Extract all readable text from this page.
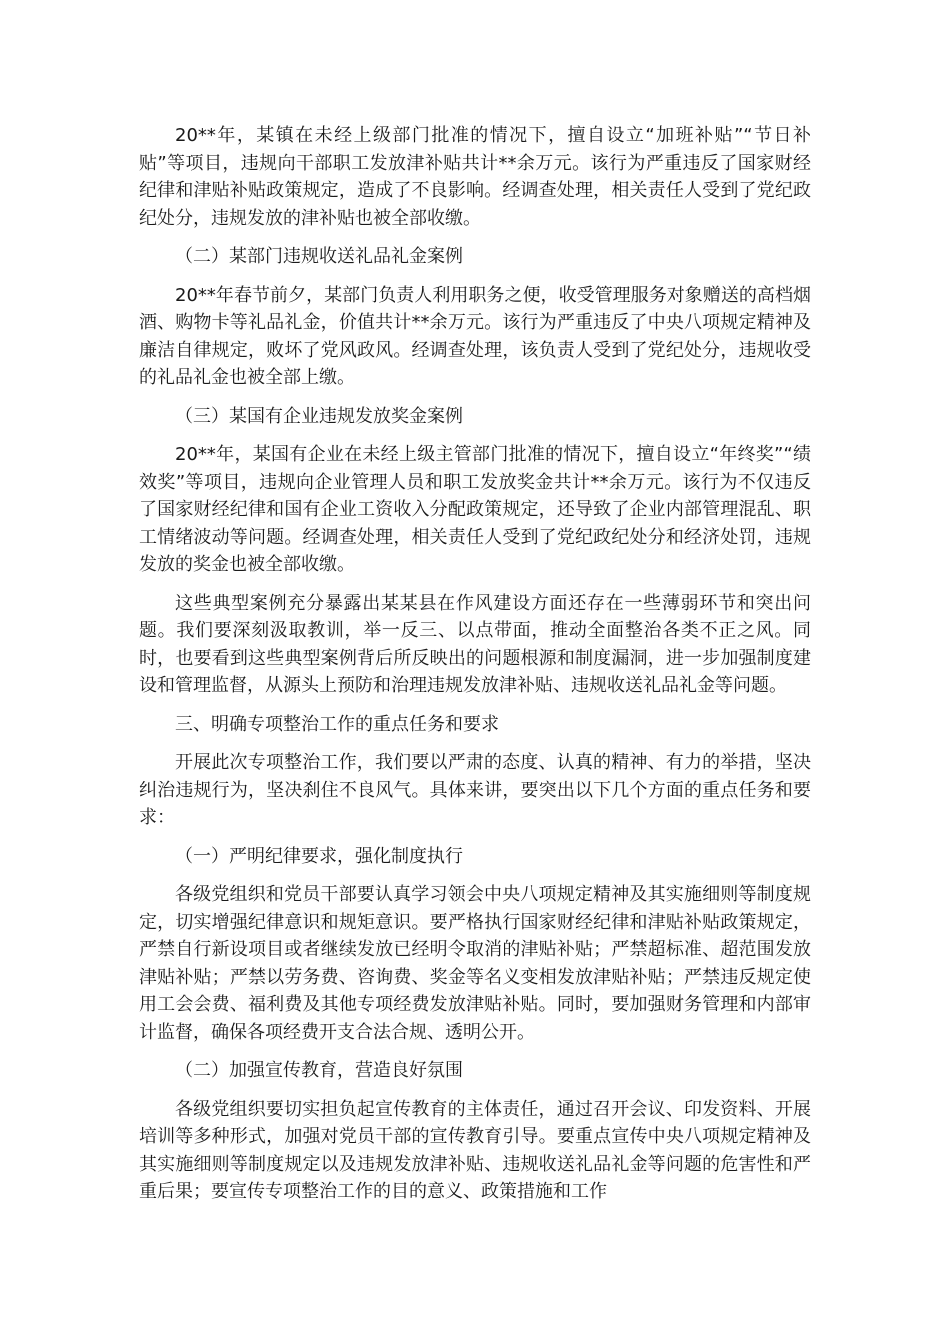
20**年，某镇在未经上级部门批准的情况下，擅自设立“加班补贴”“节日补贴”等项目，违规向干部职工发放津补贴共计**余万元。该行为严重违反了国家财经纪律和津贴补贴政策规定，造成了不良影响。经调查处理，相关责任人受到了党纪政纪处分，违规发放的津补贴也被全部收缴。

（二）某部门违规收送礼品礼金案例

20**年春节前夕，某部门负责人利用职务之便，收受管理服务对象赠送的高档烟酒、购物卡等礼品礼金，价值共计**余万元。该行为严重违反了中央八项规定精神及廉洁自律规定，败坏了党风政风。经调查处理，该负责人受到了党纪处分，违规收受的礼品礼金也被全部上缴。

（三）某国有企业违规发放奖金案例

20**年，某国有企业在未经上级主管部门批准的情况下，擅自设立“年终奖”“绩效奖”等项目，违规向企业管理人员和职工发放奖金共计**余万元。该行为不仅违反了国家财经纪律和国有企业工资收入分配政策规定，还导致了企业内部管理混乱、职工情绪波动等问题。经调查处理，相关责任人受到了党纪政纪处分和经济处罚，违规发放的奖金也被全部收缴。

这些典型案例充分暴露出某某县在作风建设方面还存在一些薄弱环节和突出问题。我们要深刻汲取教训，举一反三、以点带面，推动全面整治各类不正之风。同时，也要看到这些典型案例背后所反映出的问题根源和制度漏洞，进一步加强制度建设和管理监督，从源头上预防和治理违规发放津补贴、违规收送礼品礼金等问题。

三、明确专项整治工作的重点任务和要求

开展此次专项整治工作，我们要以严肃的态度、认真的精神、有力的举措，坚决纠治违规行为，坚决刹住不良风气。具体来讲，要突出以下几个方面的重点任务和要求：

（一）严明纪律要求，强化制度执行

各级党组织和党员干部要认真学习领会中央八项规定精神及其实施细则等制度规定，切实增强纪律意识和规矩意识。要严格执行国家财经纪律和津贴补贴政策规定，严禁自行新设项目或者继续发放已经明令取消的津贴补贴；严禁超标准、超范围发放津贴补贴；严禁以劳务费、咨询费、奖金等名义变相发放津贴补贴；严禁违反规定使用工会会费、福利费及其他专项经费发放津贴补贴。同时，要加强财务管理和内部审计监督，确保各项经费开支合法合规、透明公开。

（二）加强宣传教育，营造良好氛围

各级党组织要切实担负起宣传教育的主体责任，通过召开会议、印发资料、开展培训等多种形式，加强对党员干部的宣传教育引导。要重点宣传中央八项规定精神及其实施细则等制度规定以及违规发放津补贴、违规收送礼品礼金等问题的危害性和严重后果；要宣传专项整治工作的目的意义、政策措施和工作
